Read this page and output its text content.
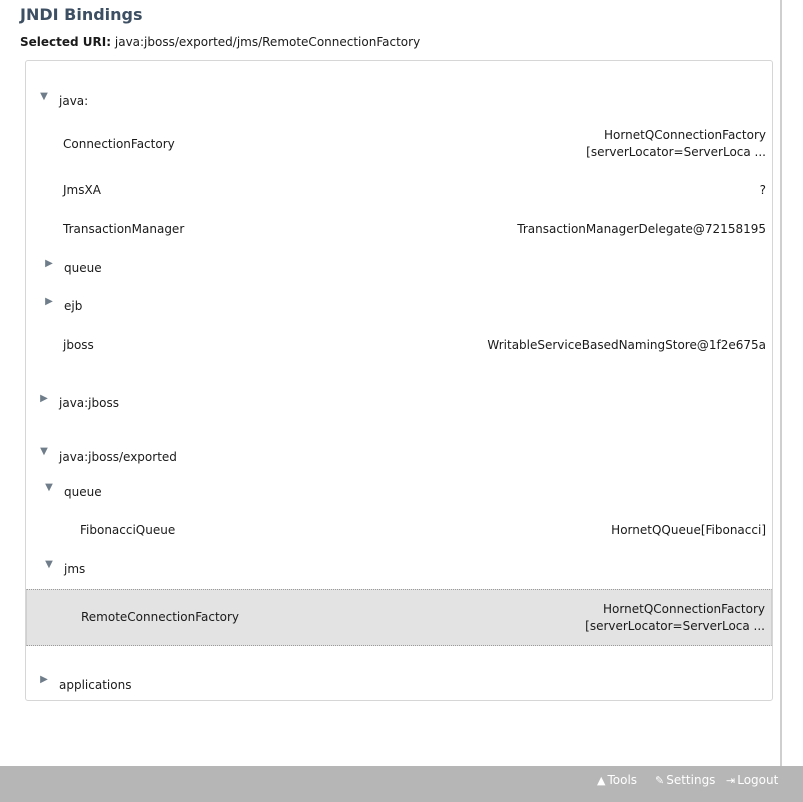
JNDI Bindings
Selected URI: java:jboss/exported/jms/RemoteConnectionFactory
▼ java:
ConnectionFactory
HornetQConnectionFactory
[serverLocator=ServerLoca ...
JmsXA	?
TransactionManager	TransactionManagerDelegate@72158195
▶ queue
▶ ejb
jboss	WritableServiceBasedNamingStore@1f2e675a
▶ java:jboss
▼ java:jboss/exported
▼ queue
FibonacciQueue	HornetQQueue[Fibonacci]
▼ jms
RemoteConnectionFactory
HornetQConnectionFactory
[serverLocator=ServerLoca ...
▶ applications
▲ Tools ✎ Settings ⇥ Logout
